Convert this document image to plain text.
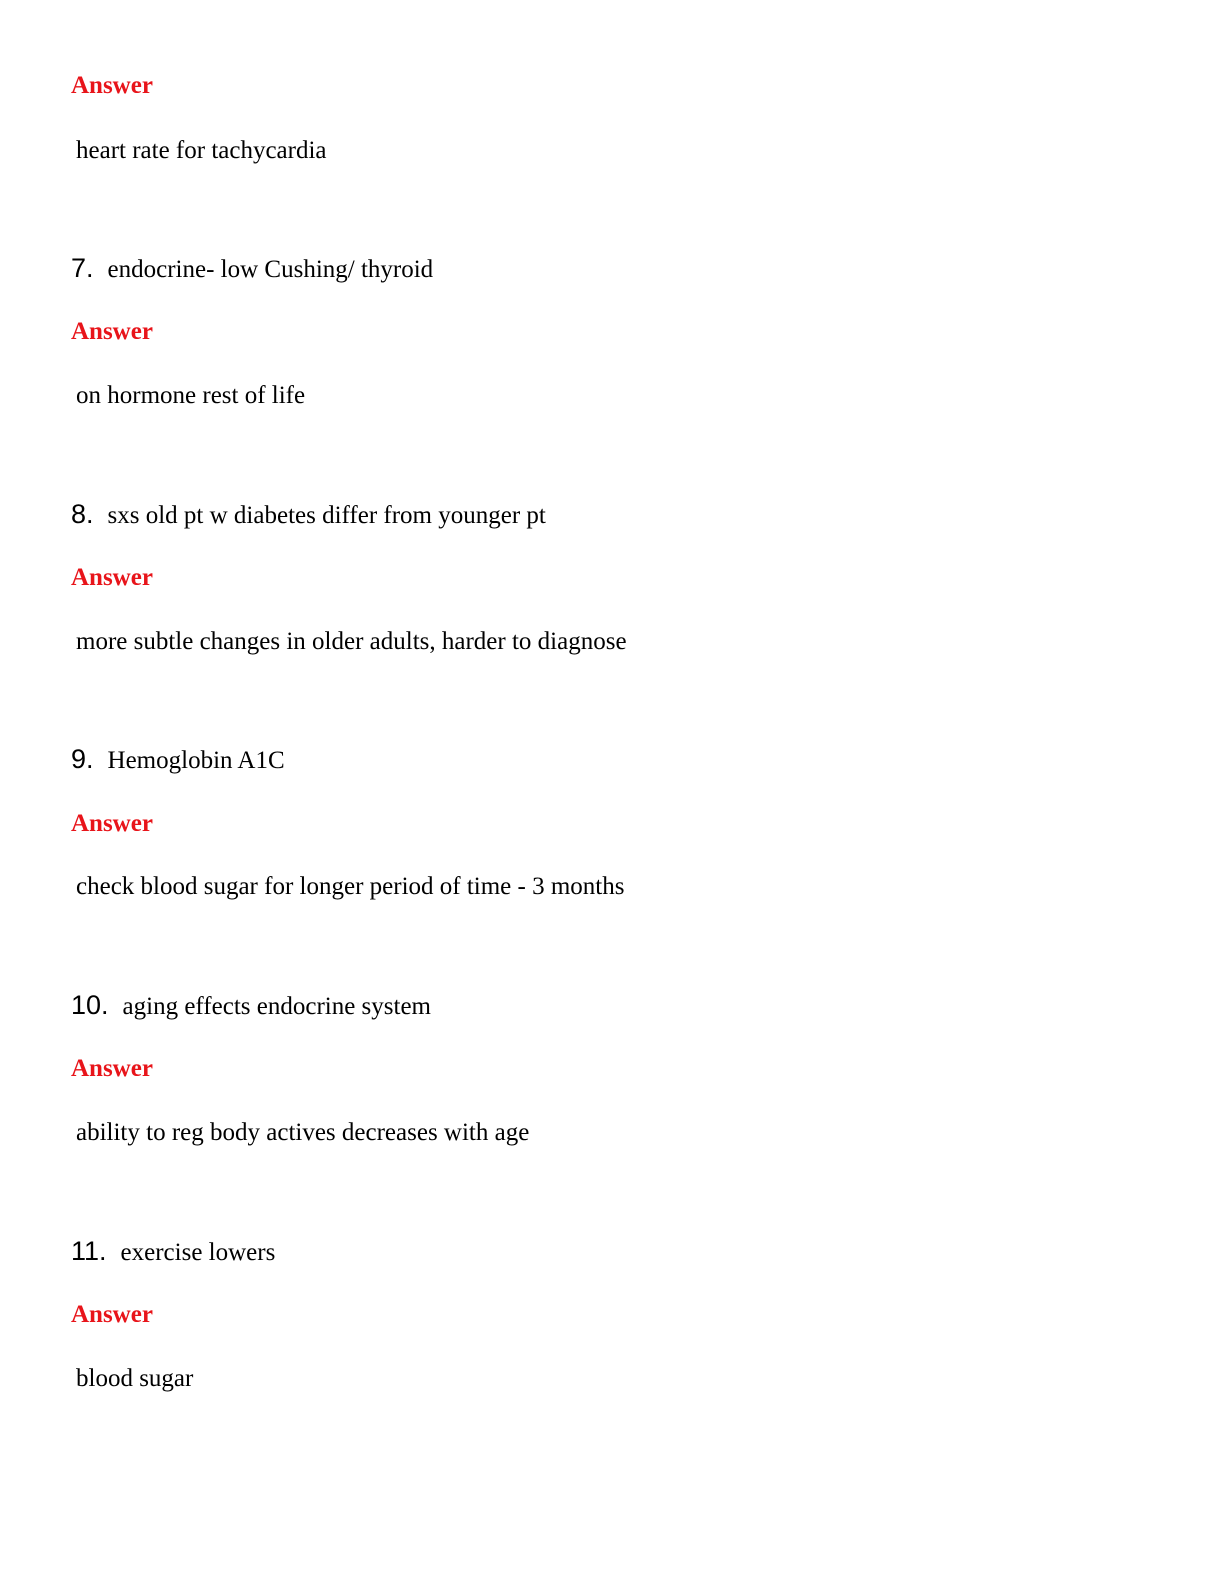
Answer
heart rate for tachycardia
7. endocrine- low Cushing/ thyroid
Answer
on hormone rest of life
8. sxs old pt w diabetes differ from younger pt
Answer
more subtle changes in older adults, harder to diagnose
9. Hemoglobin A1C
Answer
check blood sugar for longer period of time - 3 months
10. aging effects endocrine system
Answer
ability to reg body actives decreases with age
11. exercise lowers
Answer
blood sugar
